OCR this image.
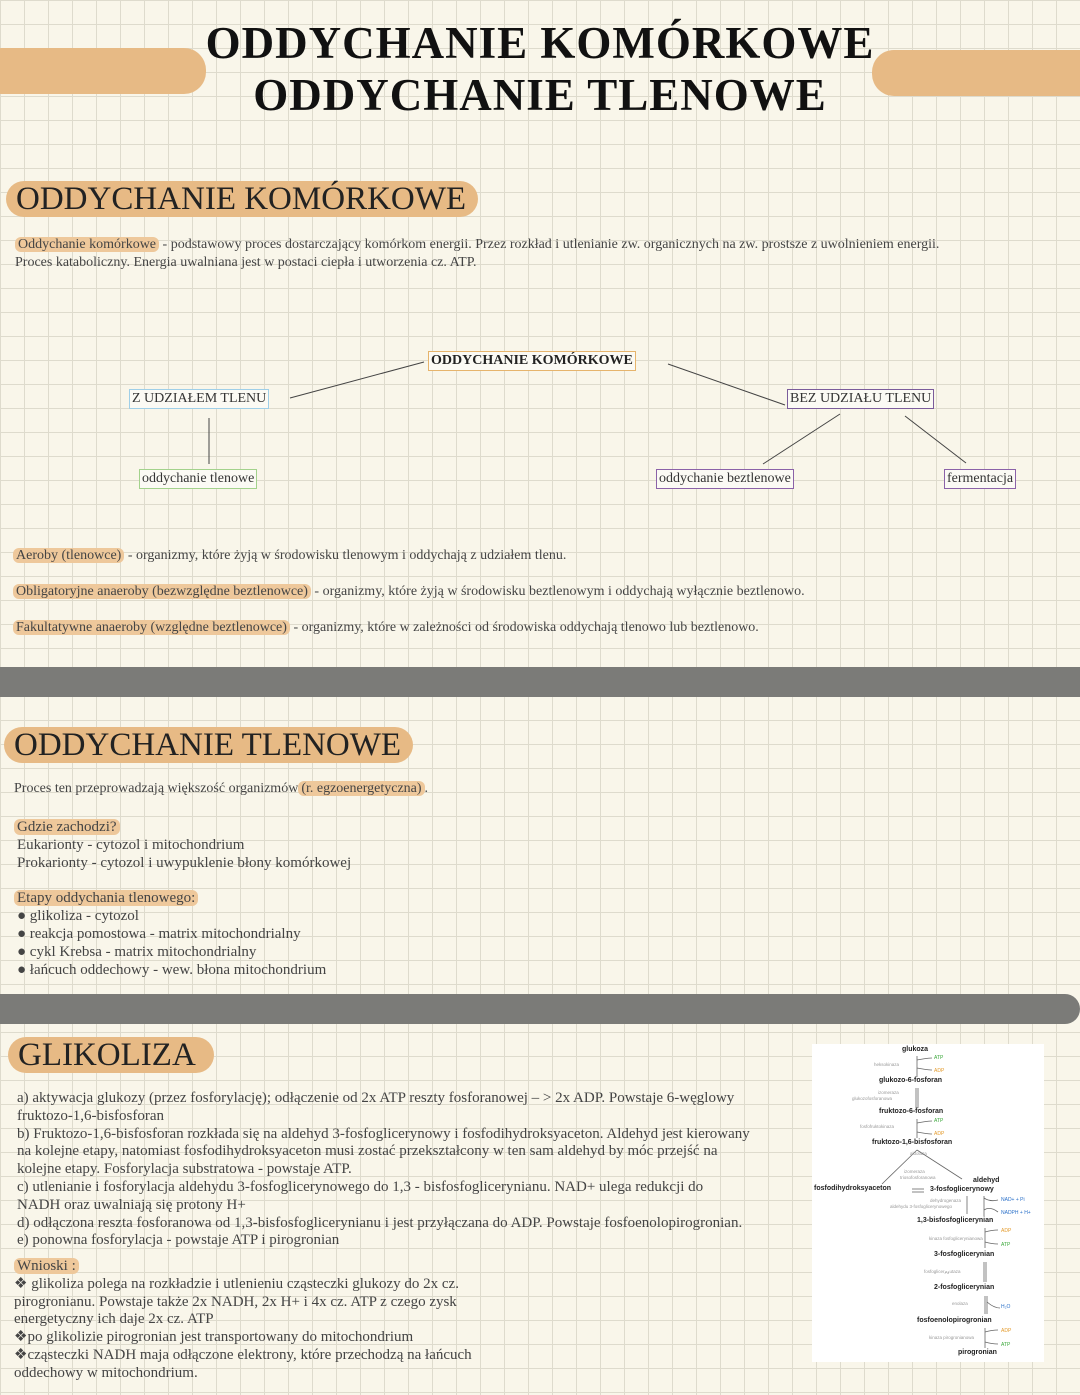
ODDYCHANIE KOMÓRKOWE
ODDYCHANIE TLENOWE
ODDYCHANIE KOMÓRKOWE
Oddychanie komórkowe - podstawowy proces dostarczający komórkom energii. Przez rozkład i utlenianie zw. organicznych na zw. prostsze z uwolnieniem energii.
Proces kataboliczny. Energia uwalniana jest w postaci ciepła i utworzenia cz. ATP.
ODDYCHANIE KOMÓRKOWE
Z UDZIAŁEM TLENU	BEZ UDZIAŁU TLENU
oddychanie tlenowe	oddychanie beztlenowe	fermentacja
Aeroby (tlenowce) - organizmy, które żyją w środowisku tlenowym i oddychają z udziałem tlenu.
Obligatoryjne anaeroby (bezwzględne beztlenowce) - organizmy, które żyją w środowisku beztlenowym i oddychają wyłącznie beztlenowo.
Fakultatywne anaeroby (względne beztlenowce) - organizmy, które w zależności od środowiska oddychają tlenowo lub beztlenowo.
ODDYCHANIE TLENOWE
Proces ten przeprowadzają większość organizmów (r. egzoenergetyczna) .
Gdzie zachodzi?
Eukarionty - cytozol i mitochondrium
Prokarionty - cytozol i uwypuklenie błony komórkowej
Etapy oddychania tlenowego:
● glikoliza - cytozol
● reakcja pomostowa - matrix mitochondrialny
● cykl Krebsa - matrix mitochondrialny
● łańcuch oddechowy - wew. błona mitochondrium
GLIKOLIZA
a) aktywacja glukozy (przez fosforylację); odłączenie od 2x ATP reszty fosforanowej – > 2x ADP. Powstaje 6-węglowy
fruktozo-1,6-bisfosforan
b) Fruktozo-1,6-bisfosforan rozkłada się na aldehyd 3-fosfoglicerynowy i fosfodihydroksyaceton. Aldehyd jest kierowany
na kolejne etapy, natomiast fosfodihydroksyaceton musi zostać przekształcony w ten sam aldehyd by móc przejść na
kolejne etapy. Fosforylacja substratowa - powstaje ATP.
c) utlenianie i fosforylacja aldehydu 3-fosfoglicerynowego do 1,3 - bisfosfoglicerynianu. NAD+ ulega redukcji do
NADH oraz uwalniają się protony H+
d) odłączona reszta fosforanowa od 1,3-bisfosfoglicerynianu i jest przyłączana do ADP. Powstaje fosfoenolopirogronian.
e) ponowna fosforylacja - powstaje ATP i pirogronian
Wnioski :
❖ glikoliza polega na rozkładzie i utlenieniu cząsteczki glukozy do 2x cz.
pirogronianu. Powstaje także 2x NADH, 2x H+ i 4x cz. ATP z czego zysk
energetyczny ich daje 2x cz. ATP
❖po glikolizie pirogronian jest transportowany do mitochondrium
❖cząsteczki NADH maja odłączone elektrony, które przechodzą na łańcuch
oddechowy w mitochondrium.
glukoza
heksokinaza
ATP
ADP
glukozo-6-fosforan
izomeraza
glukozofosforanowa
fruktozo-6-fosforan
fosfofruktokinaza
ATP
ADP
fruktozo-1,6-bisfosforan
aldolaza
izomeraza
triosofosforanowa
fosfodihydroksyaceton
aldehyd
3-fosfoglicerynowy
dehydrogenaza
aldehydu 3-fosfoglicerynowego
NAD+ + Pi
NADPH + H+
1,3-bisfosfoglicerynian
kinaza fosfoglicerynianowa
ADP
ATP
3-fosfoglicerynian
fosfoglicerومutaza
2-fosfoglicerynian
enolaza
H₂O
fosfoenolopirogronian
kinaza pirogronianowa
ADP
ATP
pirogronian
